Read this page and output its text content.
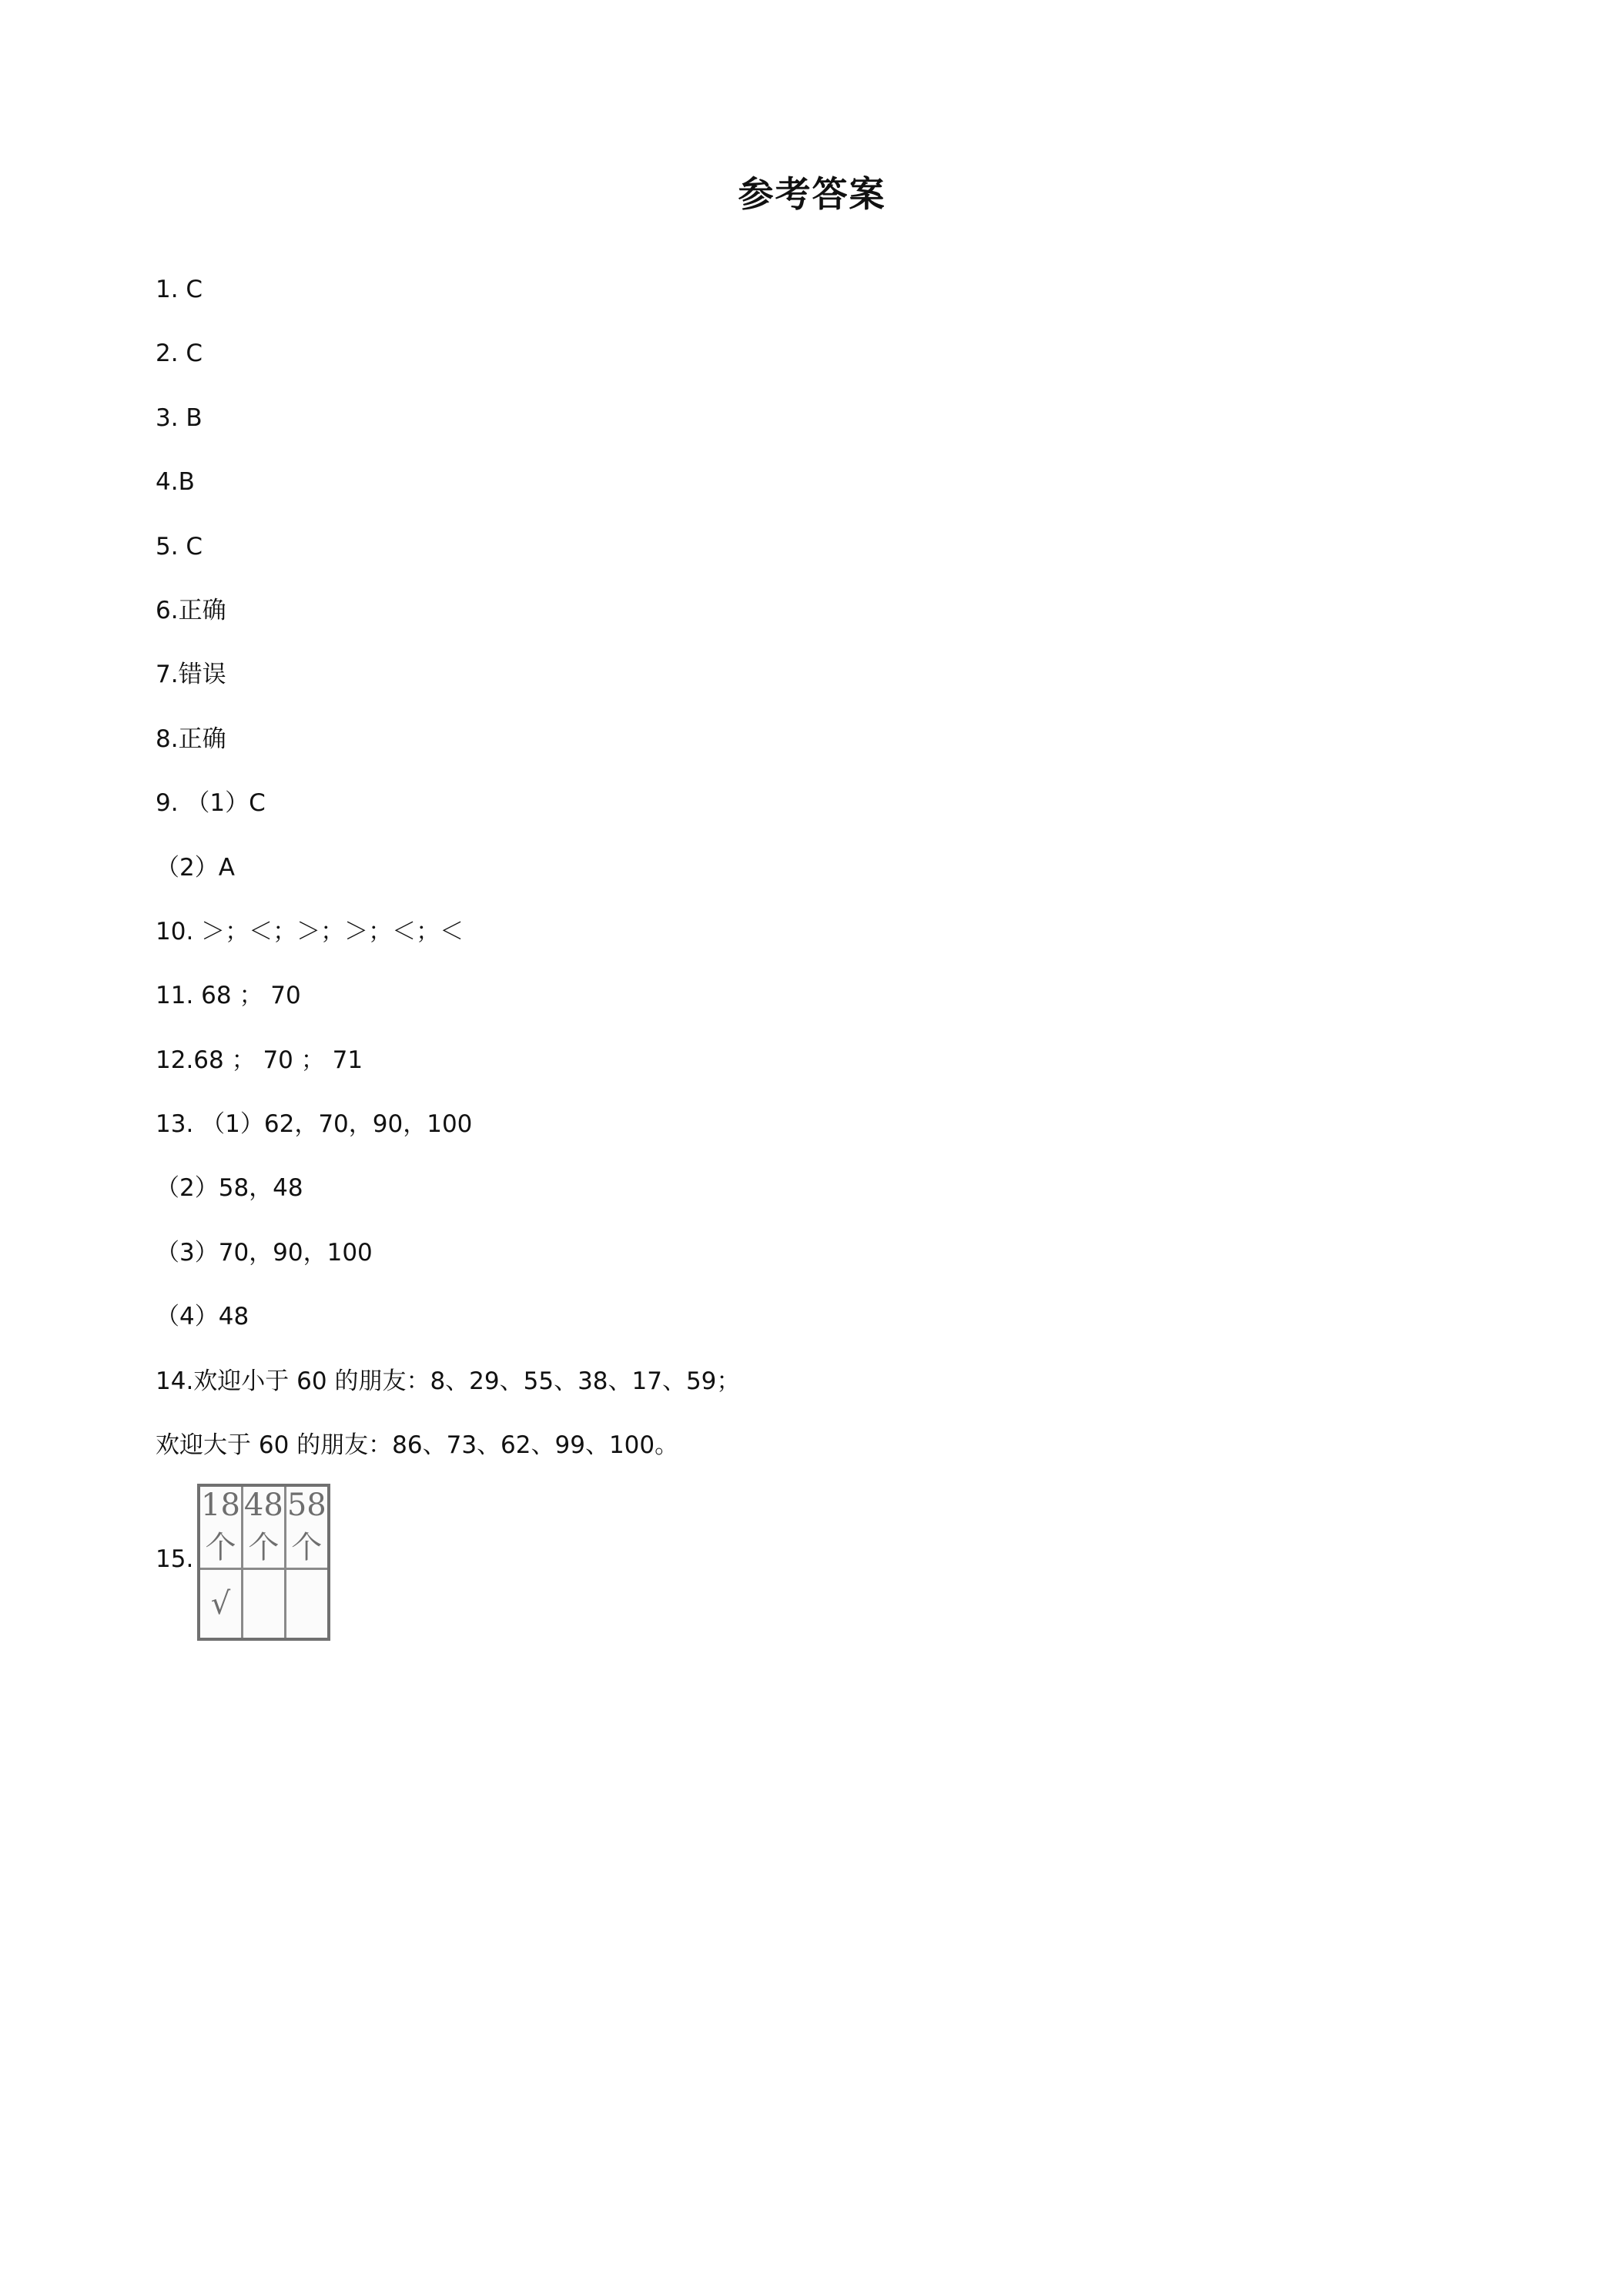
参考答案
1. C
2. C
3. B
4.B
5. C
6.正确
7.错误
8.正确
9. （1）C
（2）A
10. ＞；＜；＞；＞；＜；＜
11. 68 ； 70
12.68 ； 70 ； 71
13. （1）62，70，90，100
（2）58，48
（3）70，90，100
（4）48
14.欢迎小于 60 的朋友：8、29、55、38、17、59；
欢迎大于 60 的朋友：86、73、62、99、100。
15.
18 个	48 个	58 个
√		
